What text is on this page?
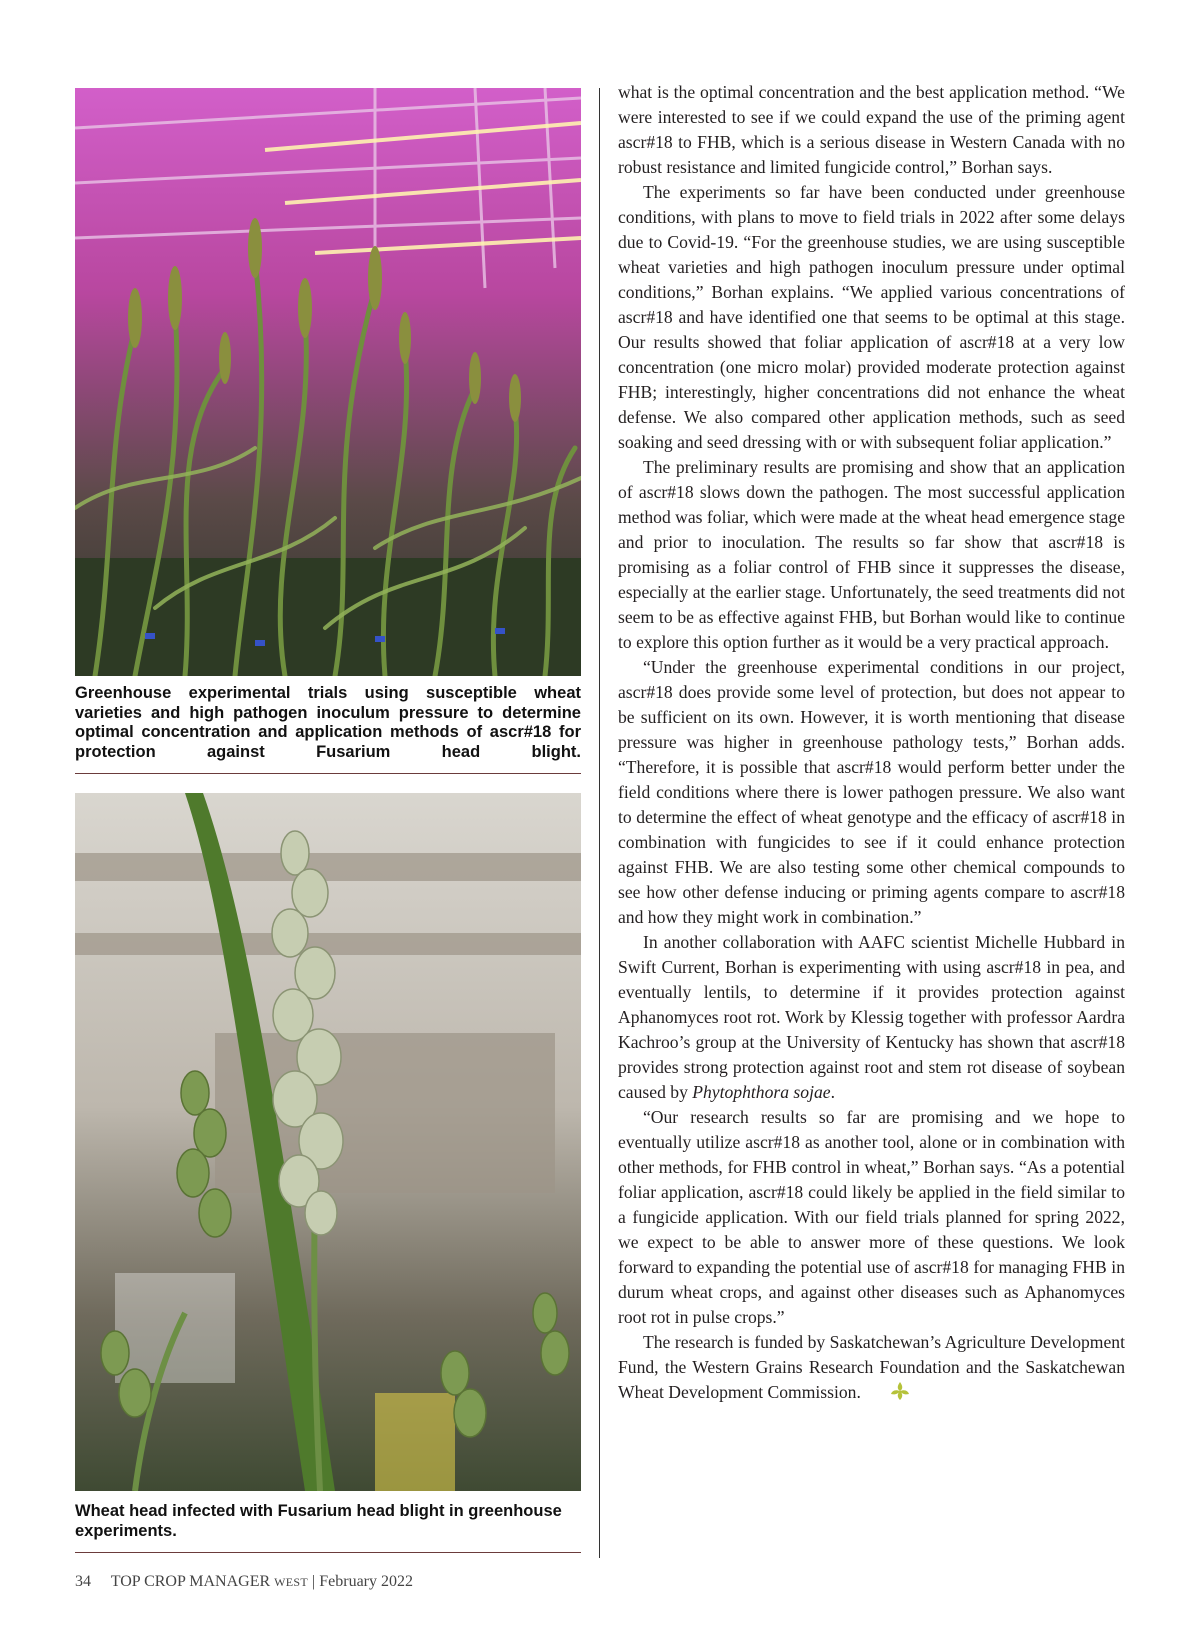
Greenhouse experimental trials using susceptible wheat varieties and high pathogen inoculum pressure to determine optimal concentration and application methods of ascr#18 for protection against Fusarium head blight.
Wheat head infected with Fusarium head blight in greenhouse experiments.

what is the optimal concentration and the best application method. “We were interested to see if we could expand the use of the priming agent ascr#18 to FHB, which is a serious disease in Western Canada with no robust resistance and limited fungicide control,” Borhan says.

The experiments so far have been conducted under greenhouse conditions, with plans to move to field trials in 2022 after some delays due to Covid-19. “For the greenhouse studies, we are using susceptible wheat varieties and high pathogen inoculum pressure under optimal conditions,” Borhan explains. “We applied various concentrations of ascr#18 and have identified one that seems to be optimal at this stage. Our results showed that foliar application of ascr#18 at a very low concentration (one micro molar) provided moderate protection against FHB; interestingly, higher concentrations did not enhance the wheat defense. We also compared other application methods, such as seed soaking and seed dressing with or with subsequent foliar application.”

The preliminary results are promising and show that an application of ascr#18 slows down the pathogen. The most successful application method was foliar, which were made at the wheat head emergence stage and prior to inoculation. The results so far show that ascr#18 is promising as a foliar control of FHB since it suppresses the disease, especially at the earlier stage. Unfortunately, the seed treatments did not seem to be as effective against FHB, but Borhan would like to continue to explore this option further as it would be a very practical approach.

“Under the greenhouse experimental conditions in our project, ascr#18 does provide some level of protection, but does not appear to be sufficient on its own. However, it is worth mentioning that disease pressure was higher in greenhouse pathology tests,” Borhan adds. “Therefore, it is possible that ascr#18 would perform better under the field conditions where there is lower pathogen pressure. We also want to determine the effect of wheat genotype and the efficacy of ascr#18 in combination with fungicides to see if it could enhance protection against FHB. We are also testing some other chemical compounds to see how other defense inducing or priming agents compare to ascr#18 and how they might work in combination.”

In another collaboration with AAFC scientist Michelle Hubbard in Swift Current, Borhan is experimenting with using ascr#18 in pea, and eventually lentils, to determine if it provides protection against Aphanomyces root rot. Work by Klessig together with professor Aardra Kachroo’s group at the University of Kentucky has shown that ascr#18 provides strong protection against root and stem rot disease of soybean caused by Phytophthora sojae.

“Our research results so far are promising and we hope to eventually utilize ascr#18 as another tool, alone or in combination with other methods, for FHB control in wheat,” Borhan says. “As a potential foliar application, ascr#18 could likely be applied in the field similar to a fungicide application. With our field trials planned for spring 2022, we expect to be able to answer more of these questions. We look forward to expanding the potential use of ascr#18 for managing FHB in durum wheat crops, and against other diseases such as Aphanomyces root rot in pulse crops.”

The research is funded by Saskatchewan’s Agriculture Development Fund, the Western Grains Research Foundation and the Saskatchewan Wheat Development Commission.

34 TOP CROP MANAGER WEST | February 2022
